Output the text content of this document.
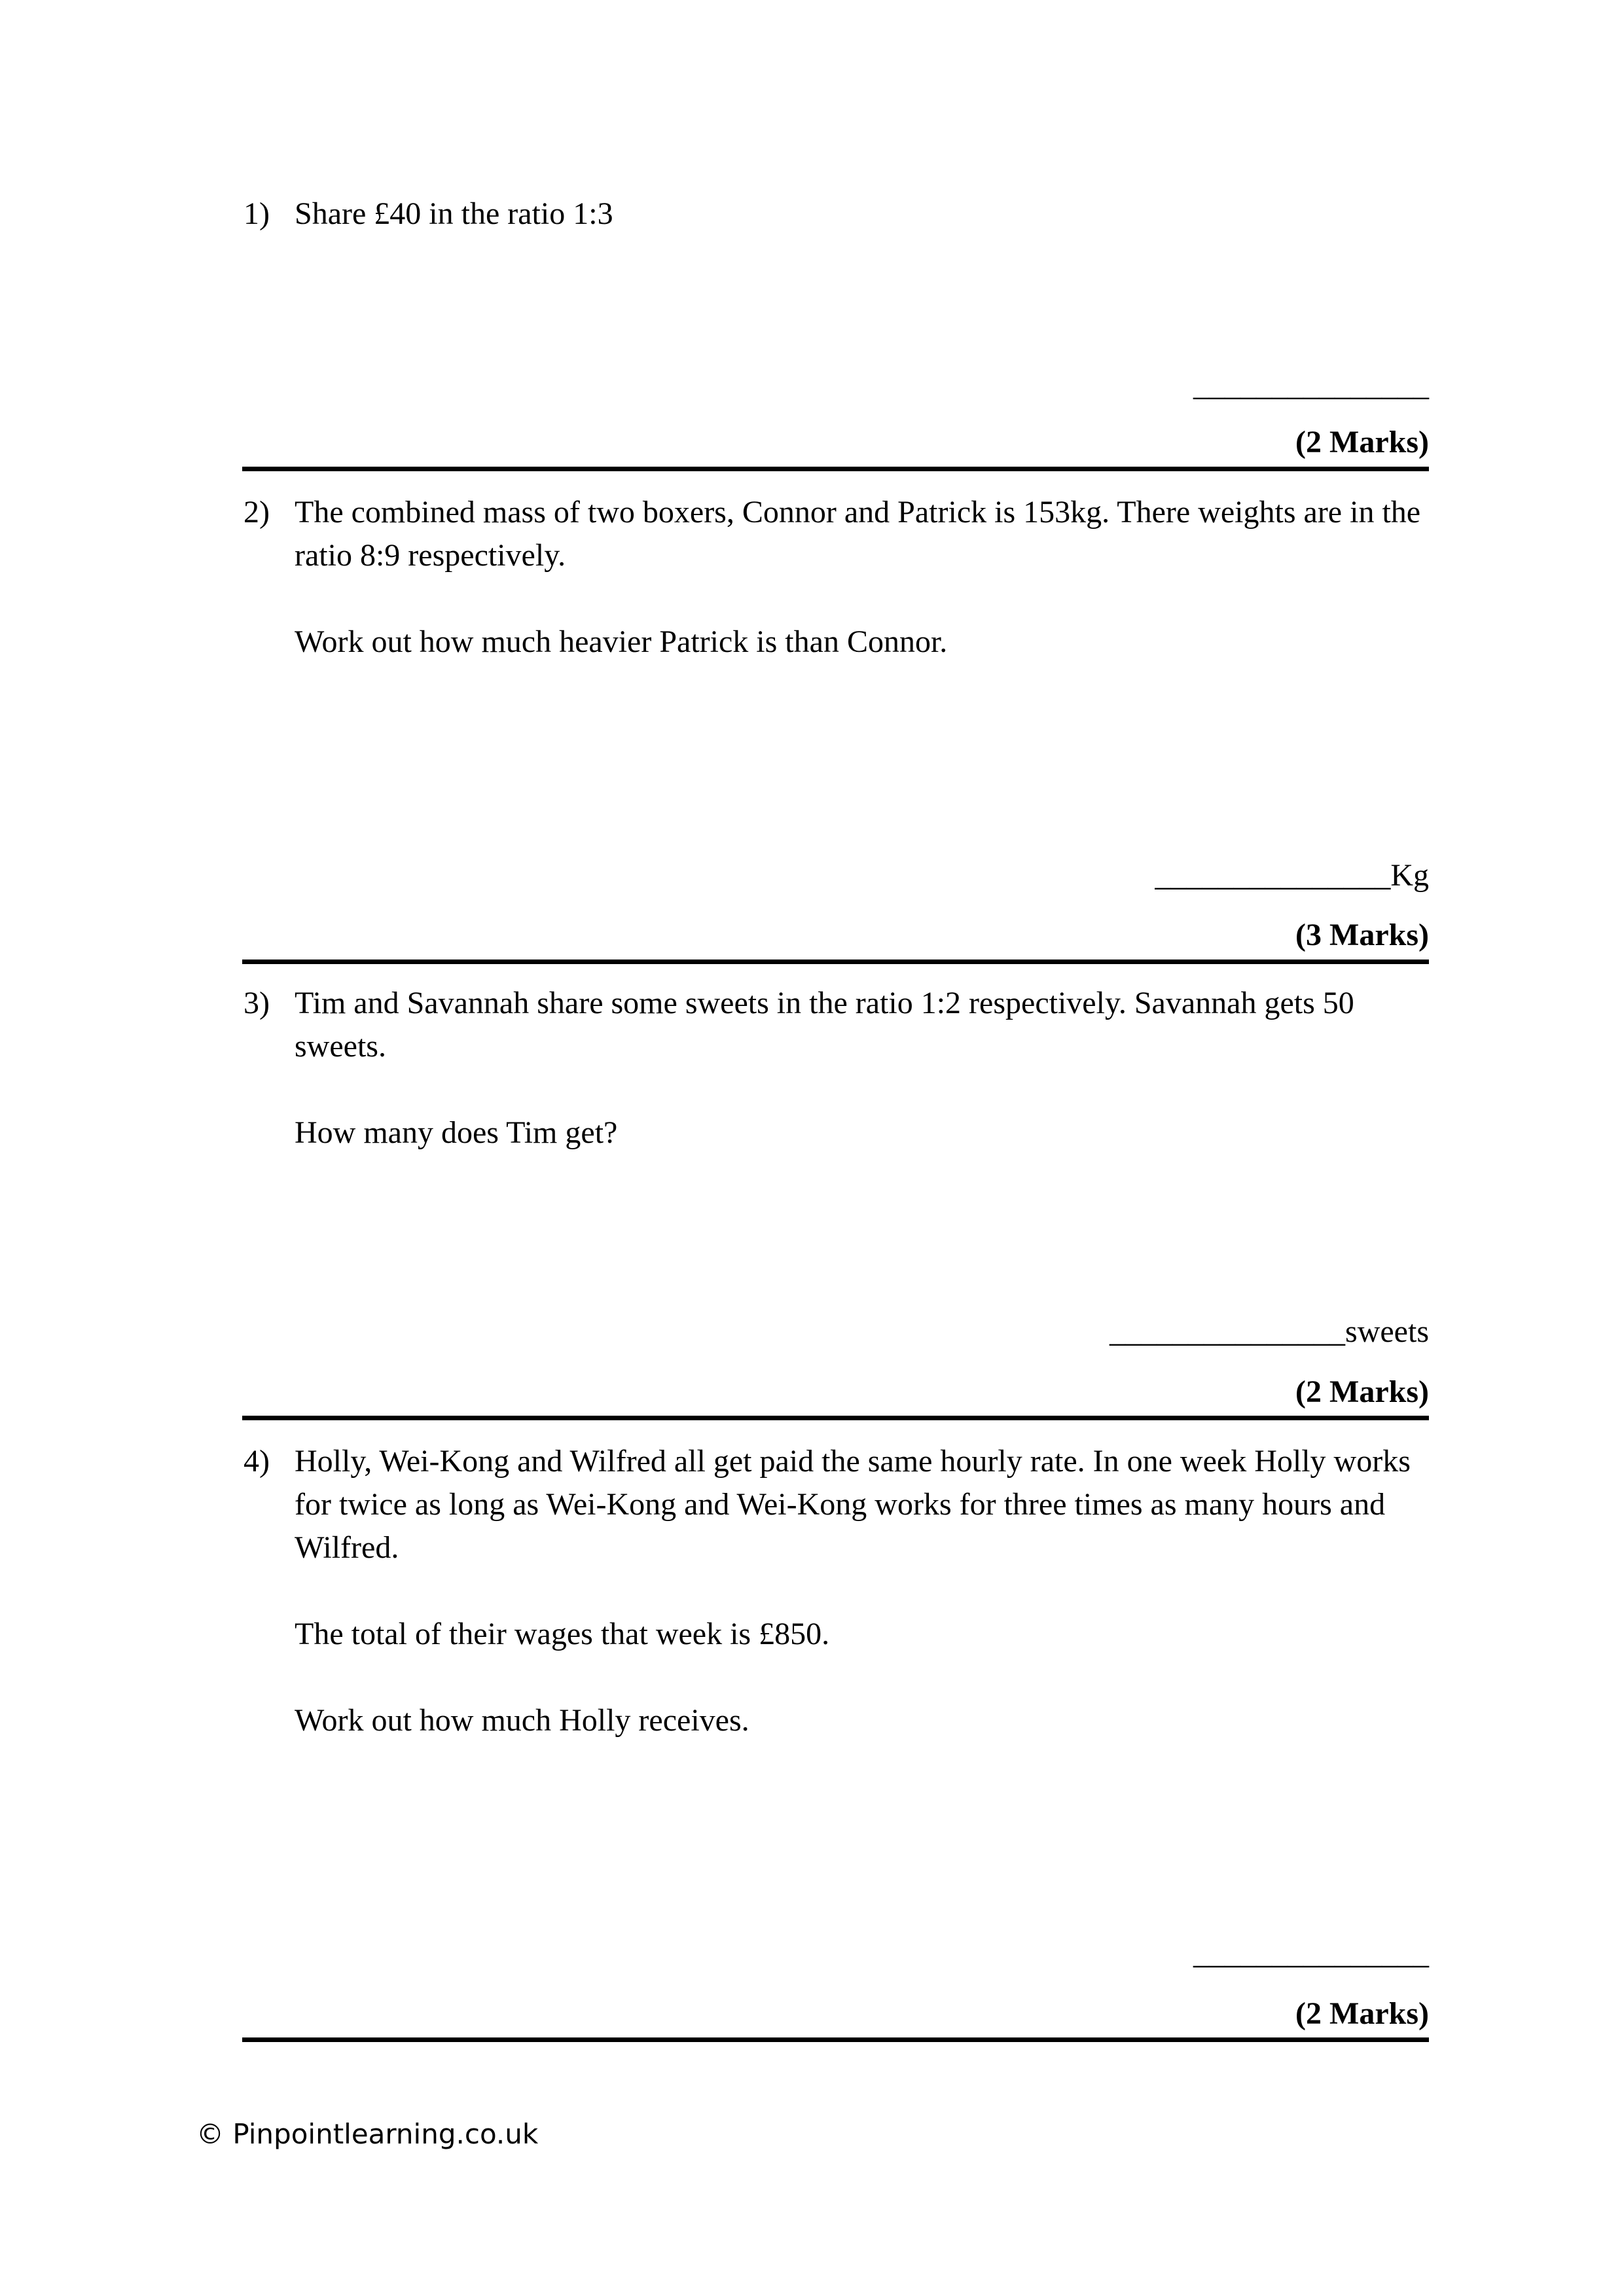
1) Share £40 in the ratio 1:3
_______________
(2 Marks)
2) The combined mass of two boxers, Connor and Patrick is 153kg. There weights are in the ratio 8:9 respectively.
Work out how much heavier Patrick is than Connor.
_______________Kg
(3 Marks)
3) Tim and Savannah share some sweets in the ratio 1:2 respectively. Savannah gets 50 sweets.
How many does Tim get?
_______________sweets
(2 Marks)
4) Holly, Wei-Kong and Wilfred all get paid the same hourly rate. In one week Holly works for twice as long as Wei-Kong and Wei-Kong works for three times as many hours and Wilfred.
The total of their wages that week is £850.
Work out how much Holly receives.
_______________
(2 Marks)
© Pinpointlearning.co.uk
